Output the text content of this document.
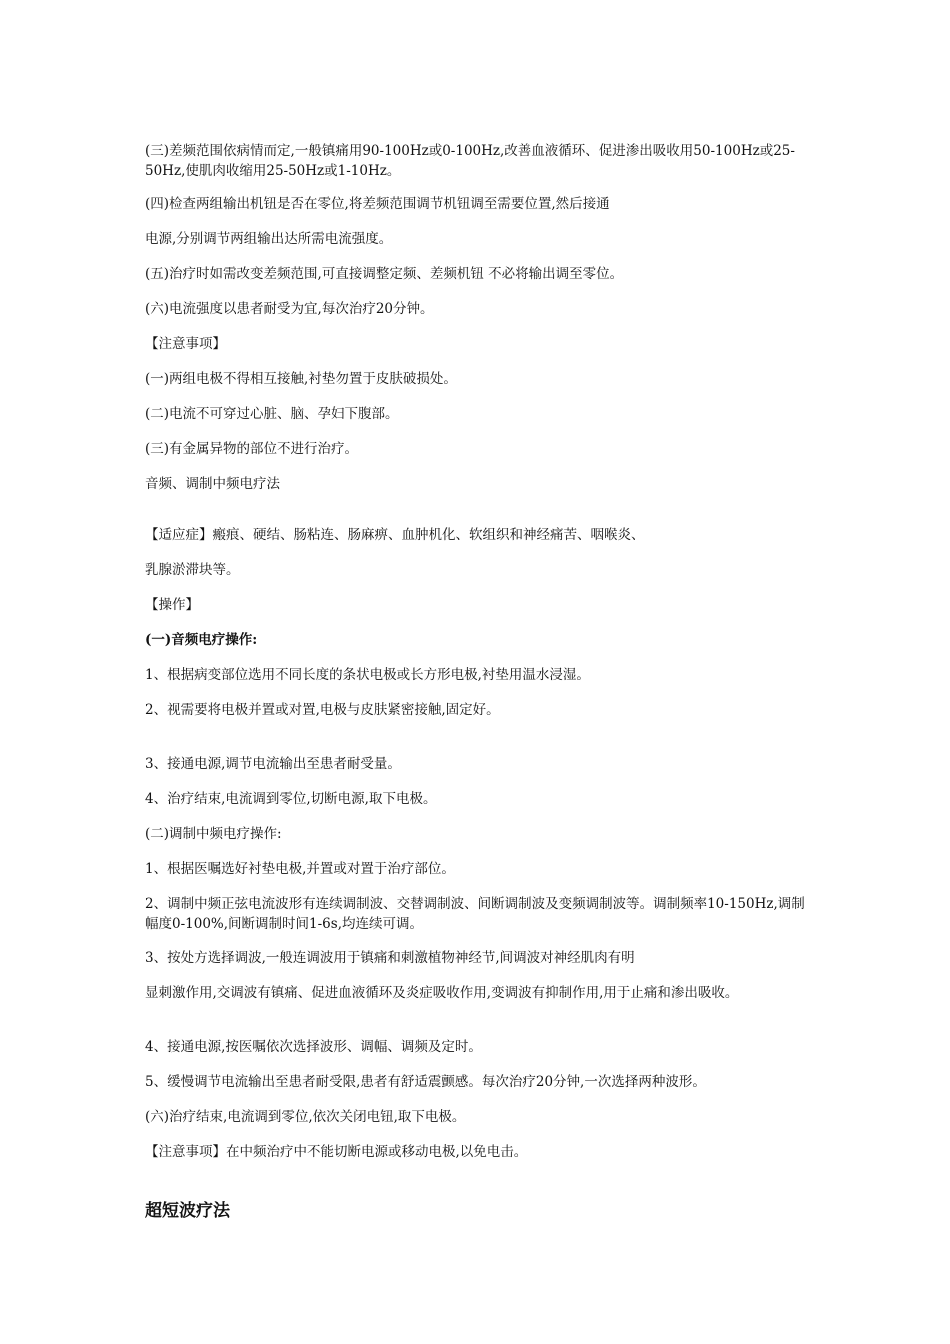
(三)差频范围依病情而定,一般镇痛用90-100Hz或0-100Hz,改善血液循环、促进渗出吸收用50-100Hz或25-50Hz,使肌肉收缩用25-50Hz或1-10Hz。
(四)检查两组输出机钮是否在零位,将差频范围调节机钮调至需要位置,然后接通
电源,分别调节两组输出达所需电流强度。
(五)治疗时如需改变差频范围,可直接调整定频、差频机钮 不必将输出调至零位。
(六)电流强度以患者耐受为宜,每次治疗20分钟。
【注意事项】
(一)两组电极不得相互接触,衬垫勿置于皮肤破损处。
(二)电流不可穿过心脏、脑、孕妇下腹部。
(三)有金属异物的部位不进行治疗。
音频、调制中频电疗法
【适应症】瘢痕、硬结、肠粘连、肠麻痹、血肿机化、软组织和神经痛苦、咽喉炎、
乳腺淤滞块等。
【操作】
(一)音频电疗操作:
1、根据病变部位选用不同长度的条状电极或长方形电极,衬垫用温水浸湿。
2、视需要将电极并置或对置,电极与皮肤紧密接触,固定好。
3、接通电源,调节电流输出至患者耐受量。
4、治疗结束,电流调到零位,切断电源,取下电极。
(二)调制中频电疗操作:
1、根据医嘱选好衬垫电极,并置或对置于治疗部位。
2、调制中频正弦电流波形有连续调制波、交替调制波、间断调制波及变频调制波等。调制频率10-150Hz,调制幅度0-100%,间断调制时间1-6s,均连续可调。
3、按处方选择调波,一般连调波用于镇痛和刺激植物神经节,间调波对神经肌肉有明
显刺激作用,交调波有镇痛、促进血液循环及炎症吸收作用,变调波有抑制作用,用于止痛和渗出吸收。
4、接通电源,按医嘱依次选择波形、调幅、调频及定时。
5、缓慢调节电流输出至患者耐受限,患者有舒适震颤感。每次治疗20分钟,一次选择两种波形。
(六)治疗结束,电流调到零位,依次关闭电钮,取下电极。
【注意事项】在中频治疗中不能切断电源或移动电极,以免电击。
超短波疗法
